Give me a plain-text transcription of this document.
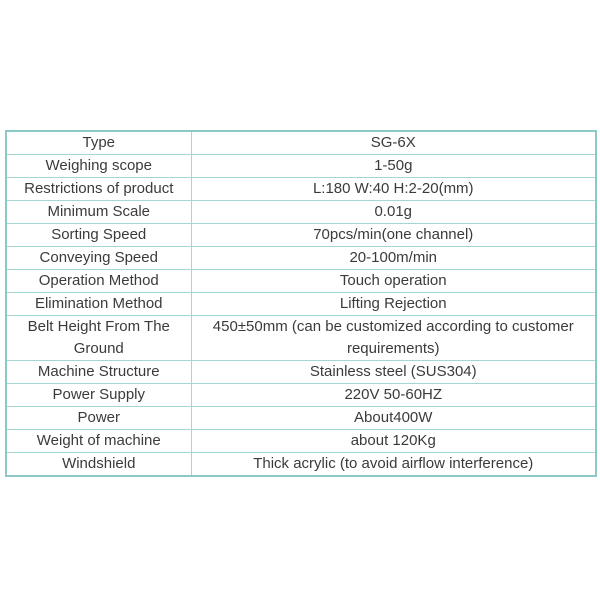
Type	SG-6X
Weighing scope	1-50g
Restrictions of product	L:180 W:40 H:2-20(mm)
Minimum Scale	0.01g
Sorting Speed	70pcs/min(one channel)
Conveying Speed	20-100m/min
Operation Method	Touch operation
Elimination Method	Lifting Rejection
Belt Height From The Ground	450±50mm (can be customized according to customer requirements)
Machine Structure	Stainless steel (SUS304)
Power Supply	220V 50-60HZ
Power	About400W
Weight of machine	about 120Kg
Windshield	Thick acrylic (to avoid airflow interference)
